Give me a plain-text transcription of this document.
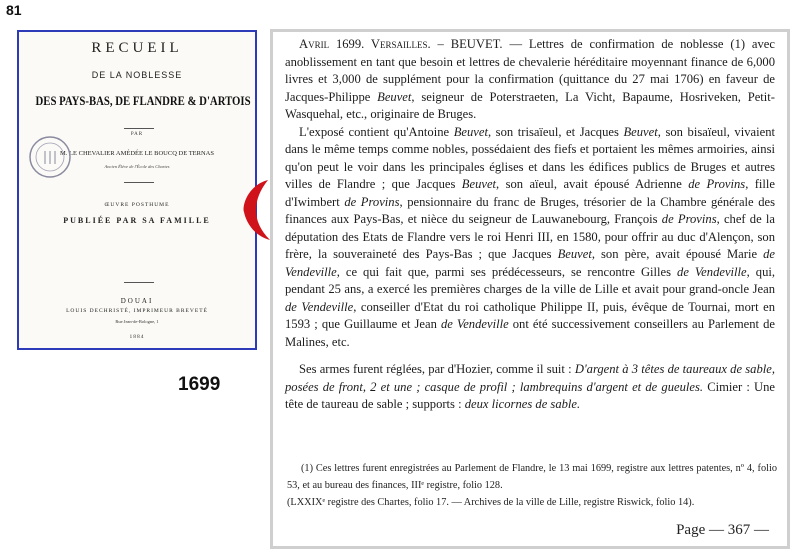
81
RECUEIL
DE LA NOBLESSE
DES PAYS-BAS, DE FLANDRE & D'ARTOIS
PAR
M. LE CHEVALIER AMÉDÉE LE BOUCQ DE TERNAS
Ancien Élève de l'École des Chartes
ŒUVRE POSTHUME
PUBLIÉE PAR SA FAMILLE
DOUAI
LOUIS DECHRISTÉ, IMPRIMEUR BREVETÉ
Rue Jean-de-Bologne, 1
1884
1699

Avril 1699. Versailles. – BEUVET. — Lettres de confirmation de noblesse (1) avec anoblissement en tant que besoin et lettres de chevalerie héréditaire moyennant finance de 6,000 livres et 3,000 de supplément pour la confirmation (quittance du 27 mai 1706) en faveur de Jacques-Philippe Beuvet, seigneur de Poterstraeten, La Vicht, Bapaume, Hosriveken, Petit-Wasquehal, etc., originaire de Bruges.

L'exposé contient qu'Antoine Beuvet, son trisaïeul, et Jacques Beuvet, son bisaïeul, vivaient dans le même temps comme nobles, possédaient des fiefs et portaient les mêmes armoiries, ainsi qu'on peut le voir dans les principales églises et dans les édifices publics de Bruges et autres villes de Flandre ; que Jacques Beuvet, son aïeul, avait épousé Adrienne de Provins, fille d'Iwimbert de Provins, pensionnaire du franc de Bruges, trésorier de la Chambre générale des finances aux Pays-Bas, et nièce du seigneur de Lauwanebourg, François de Provins, chef de la députation des Etats de Flandre vers le roi Henri III, en 1580, pour offrir au duc d'Alençon, son frère, la souveraineté des Pays-Bas ; que Jacques Beuvet, son père, avait épousé Marie de Vendeville, ce qui fait que, parmi ses prédécesseurs, se rencontre Gilles de Vendeville, qui, pendant 25 ans, a exercé les premières charges de la ville de Lille et avait pour grand-oncle Jean de Vendeville, conseiller d'Etat du roi catholique Philippe II, puis, évêque de Tournai, mort en 1593 ; que Guillaume et Jean de Vendeville ont été successivement conseillers au Parlement de Malines, etc.

Ses armes furent réglées, par d'Hozier, comme il suit : D'argent à 3 têtes de taureaux de sable, posées de front, 2 et une ; casque de profil ; lambrequins d'argent et de gueules. Cimier : Une tête de taureau de sable ; supports : deux licornes de sable.

(1) Ces lettres furent enregistrées au Parlement de Flandre, le 13 mai 1699, registre aux lettres patentes, nº 4, folio 53, et au bureau des finances, IIIᵉ registre, folio 128.

(LXXIXᵉ registre des Chartes, folio 17. — Archives de la ville de Lille, registre Riswick, folio 14).

Page — 367 —
